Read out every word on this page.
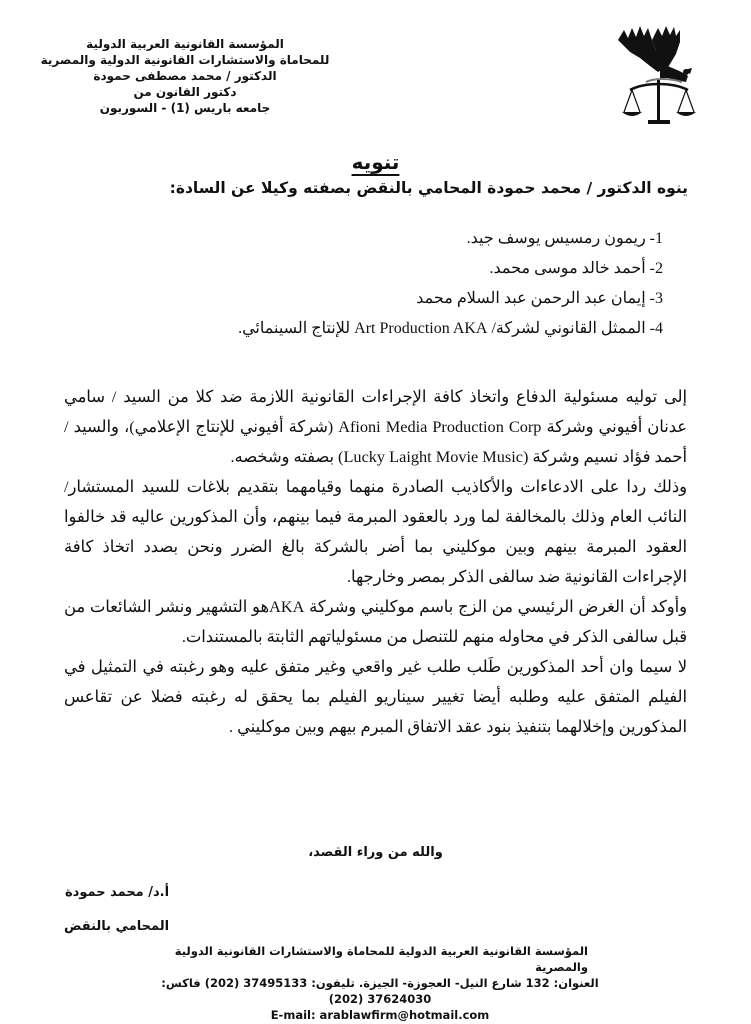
المؤسسة القانونية العربية الدولية
للمحاماة والاستشارات القانونية الدولية والمصرية
الدكتور / محمد مصطفى حمودة
دكتور القانون من
جامعه باريس (1) - السوربون
تنويه
ينوه الدكتور / محمد حمودة المحامي بالنقض بصفته وكيلا عن السادة:
1- ريمون رمسيس يوسف جيد.
2- أحمد خالد موسى محمد.
3- إيمان عبد الرحمن عبد السلام محمد
4- الممثل القانوني لشركة/ Art Production AKA للإنتاج السينمائي.

إلى توليه مسئولية الدفاع واتخاذ كافة الإجراءات القانونية اللازمة ضد كلا من السيد / سامي عدنان أفيوني وشركة Afioni Media Production Corp (شركة أفيوني للإنتاج الإعلامي)، والسيد / أحمد فؤاد نسيم وشركة (Lucky Laight Movie Music) بصفته وشخصه.

وذلك ردا على الادعاءات والأكاذيب الصادرة منهما وقيامهما بتقديم بلاغات للسيد المستشار/ النائب العام وذلك بالمخالفة لما ورد بالعقود المبرمة فيما بينهم، وأن المذكورين عاليه قد خالفوا العقود المبرمة بينهم وبين موكليني بما أضر بالشركة بالغ الضرر ونحن بصدد اتخاذ كافة الإجراءات القانونية ضد سالفى الذكر بمصر وخارجها.

وأوكد أن الغرض الرئيسي من الزج باسم موكليني وشركة AKAهو التشهير ونشر الشائعات من قبل سالفى الذكر في محاوله منهم للتنصل من مسئولياتهم الثابتة بالمستندات.

لا سيما وان أحد المذكورين طَلب طلب غير واقعي وغير متفق عليه وهو رغبته في التمثيل في الفيلم المتفق عليه وطلبه أيضا تغيير سيناريو الفيلم بما يحقق له رغبته فضلا عن تقاعس المذكورين وإخلالهما بتنفيذ بنود عقد الاتفاق المبرم بيهم وبين موكليني .

والله من وراء القصد،
أ.د/ محمد حمودة
المحامي بالنقض
المؤسسة القانونية العربية الدولية للمحاماة والاستشارات القانونية الدولية والمصرية
العنوان: 132 شارع النيل- العجوزة- الجيزة. تليفون: 37495133 (202) فاكس: 37624030 (202)
E-mail: arablawfirm@hotmail.com
